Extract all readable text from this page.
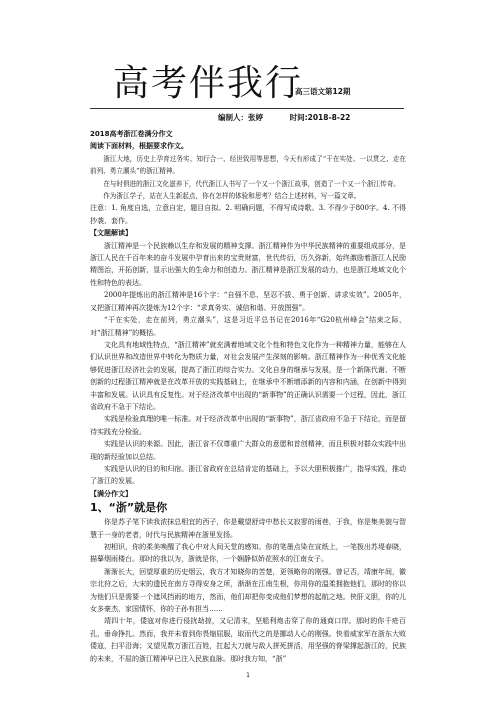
高考伴我行
高三语文第12期
编制人：张婷	时间:2018-8-22

2018高考浙江卷满分作文

阅读下面材料，根据要求作文。

浙江大地，历史上孕育过务实、知行合一、经世致用等思想，今天有形成了“干在实处、一以贯之、走在前列、勇立潮头”的浙江精神。

在与时俱进的浙江文化滋养下，代代浙江人书写了一个又一个浙江故事，创造了一个又一个浙江传奇。

作为浙江学子，站在人生新起点，你有怎样的体验和思考？结合上述材料，写一篇文章。

注意：1. 角度自选，立意自定，题目自拟。2. 明确问题，不得写成诗歌。3. 不得少于800字。4. 不得抄袭、套作。

【文题解读】

浙江精神是一个民族赖以生存和发展的精神支撑。浙江精神作为中华民族精神的重要组成部分，是浙江人民在千百年来的奋斗发展中孕育出来的宝贵财富，世代传衍，历久弥新，始终激励着浙江人民励精图治，开拓创新，显示出强大的生命力和创造力。浙江精神是浙江发展的动力，也是浙江地域文化个性和特色的表达。

2000年提炼出的浙江精神是16个字：“自强不息、坚忍不拔、勇于创新、讲求实效”。2005年，又把浙江精神再次提炼为12个字：“求真务实、诚信和谐、开放图强”。

“干在实处，走在前列，勇立潮头”，这是习近平总书记在2016年“G20杭州峰会”结束之际，对“浙江精神”的概括。

文化具有地域性特点，“浙江精神”就充满着地域文化个性和特色文化作为一种精神力量，能够在人们认识世界和改造世界中转化为物质力量，对社会发展产生深刻的影响。浙江精神作为一种优秀文化能够促进浙江经济社会的发展，提高了浙江的综合实力。文化自身的继承与发展，是一个新陈代谢、不断创新的过程浙江精神就是在改革开放的实践基础上，在继承中不断增添新的内容和内涵，在创新中得到丰富和发展。认识具有反复性。对于经济改革中出现的“新事物”的正确认识需要一个过程，因此，浙江省政府不急于下结论。

实践是检验真理的唯一标准。对于经济改革中出现的“新事物”，浙江省政府不急于下结论，而是留待实践充分检验。

实践是认识的来源。因此，浙江省不仅尊重广大群众的意愿和首创精神，而且积极对群众实践中出现的新经验加以总结。

实践是认识的目的和归宿。浙江省政府在总结肯定的基础上，予以大胆积极推广，指导实践，推动了浙江的发展。

【满分作文】

1、“浙”就是你

你是苏子笔下读我浓抹总相宜的西子，你是戴望舒诗中愁长又寂寥的雨巷，于我，你是集美貌与智慧于一身的老者，时代与民族精神在浙里发扬。

初相识，你的柔美唤醒了我心中对人间天堂的感知。你的笔墨点染在宣纸上，一笔拨出苏堤春晓，描摹烟雨楼台。那时的我以为，浙就是你，一个娴静似娇花照水的江南女子。

渐渐长大，回望厚重的历史烟云，我方才知晓你的苦楚，更领略你的刚强。曾记否，靖康年间，徽宗北狩之后，大宋的遗民在南方寻得安身之所，渐渐在江南生根，你用你的温柔拥抱他们，那时的你以为他们只是需要一个遮风挡雨的地方，然而，他们却把你变成他们梦想的起航之地。侠肝义胆，你的儿女多豪杰，家国情怀，你的子孙有担当……

靖四十年，倭寇对你进行侵扰劫掠，又记清末，坚船利炮击穿了你的通商口岸。那时的你千疮百孔，垂命挣扎。然而，我并未看到你畏缩屈服，取而代之的是挪动人心的刚强。快看威家军在浙东大败倭寇，扫平沿海；又望见数万浙江百姓，扛起大刀就与敌人拼死拼活，用坚强的脊梁撑起浙江的，民族的未来，不屈的浙江精神早已注入民族血脉。那时我方知，“浙”

1
